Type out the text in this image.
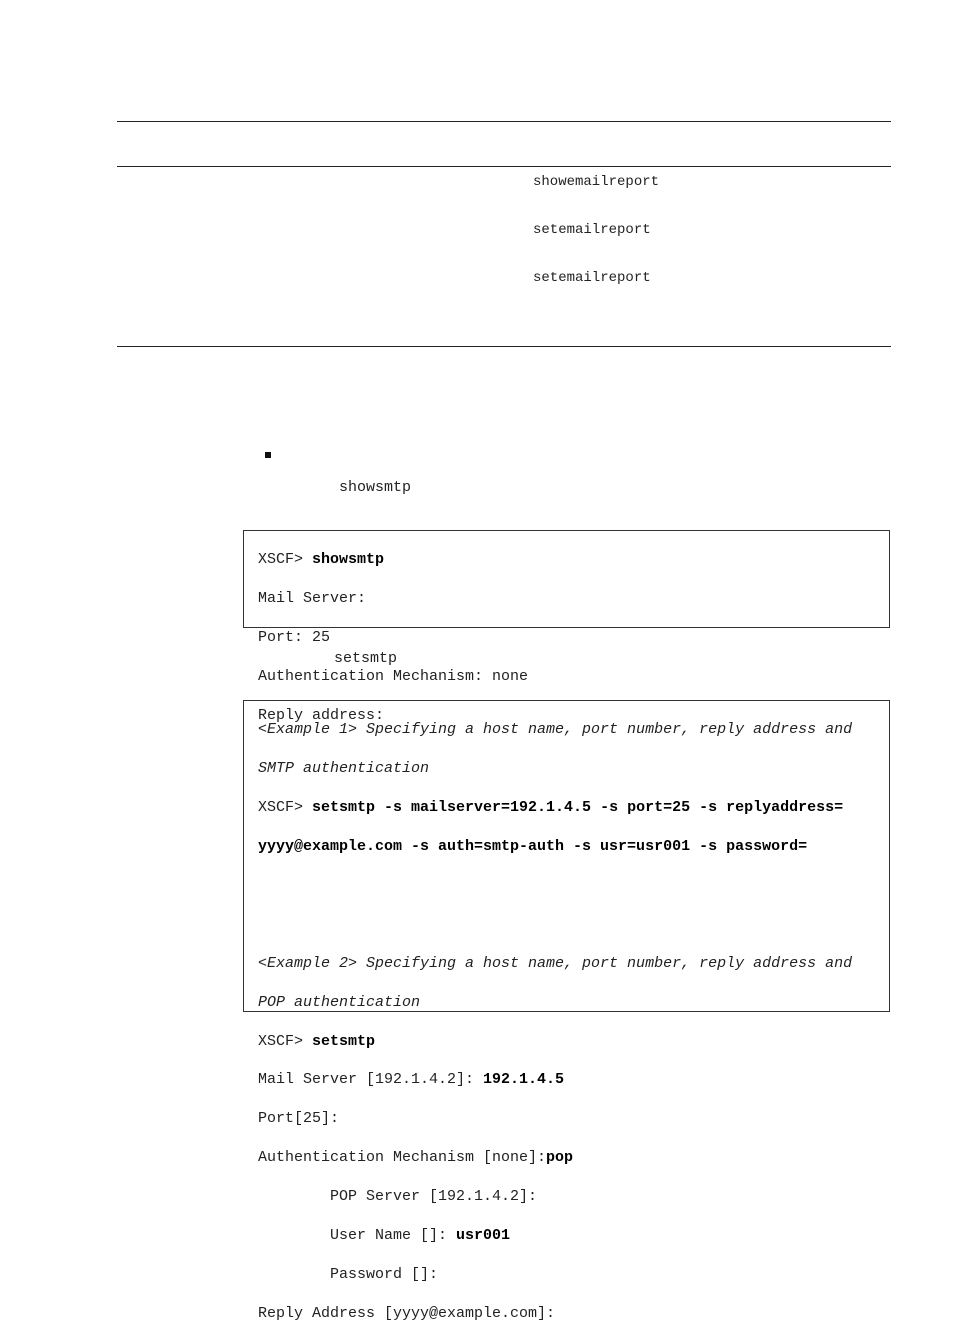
showemailreport
setemailreport
setemailreport
showsmtp

XSCF> showsmtp

Mail Server:

Port: 25

Authentication Mechanism: none

Reply address:

setsmtp

<Example 1> Specifying a host name, port number, reply address and

SMTP authentication

XSCF> setsmtp -s mailserver=192.1.4.5 -s port=25 -s replyaddress=

yyyy@example.com -s auth=smtp-auth -s usr=usr001 -s password=

<Example 2> Specifying a host name, port number, reply address and

POP authentication

XSCF> setsmtp

Mail Server [192.1.4.2]: 192.1.4.5

Port[25]:

Authentication Mechanism [none]:pop

POP Server [192.1.4.2]:

User Name []: usr001

Password []:

Reply Address [yyyy@example.com]:
